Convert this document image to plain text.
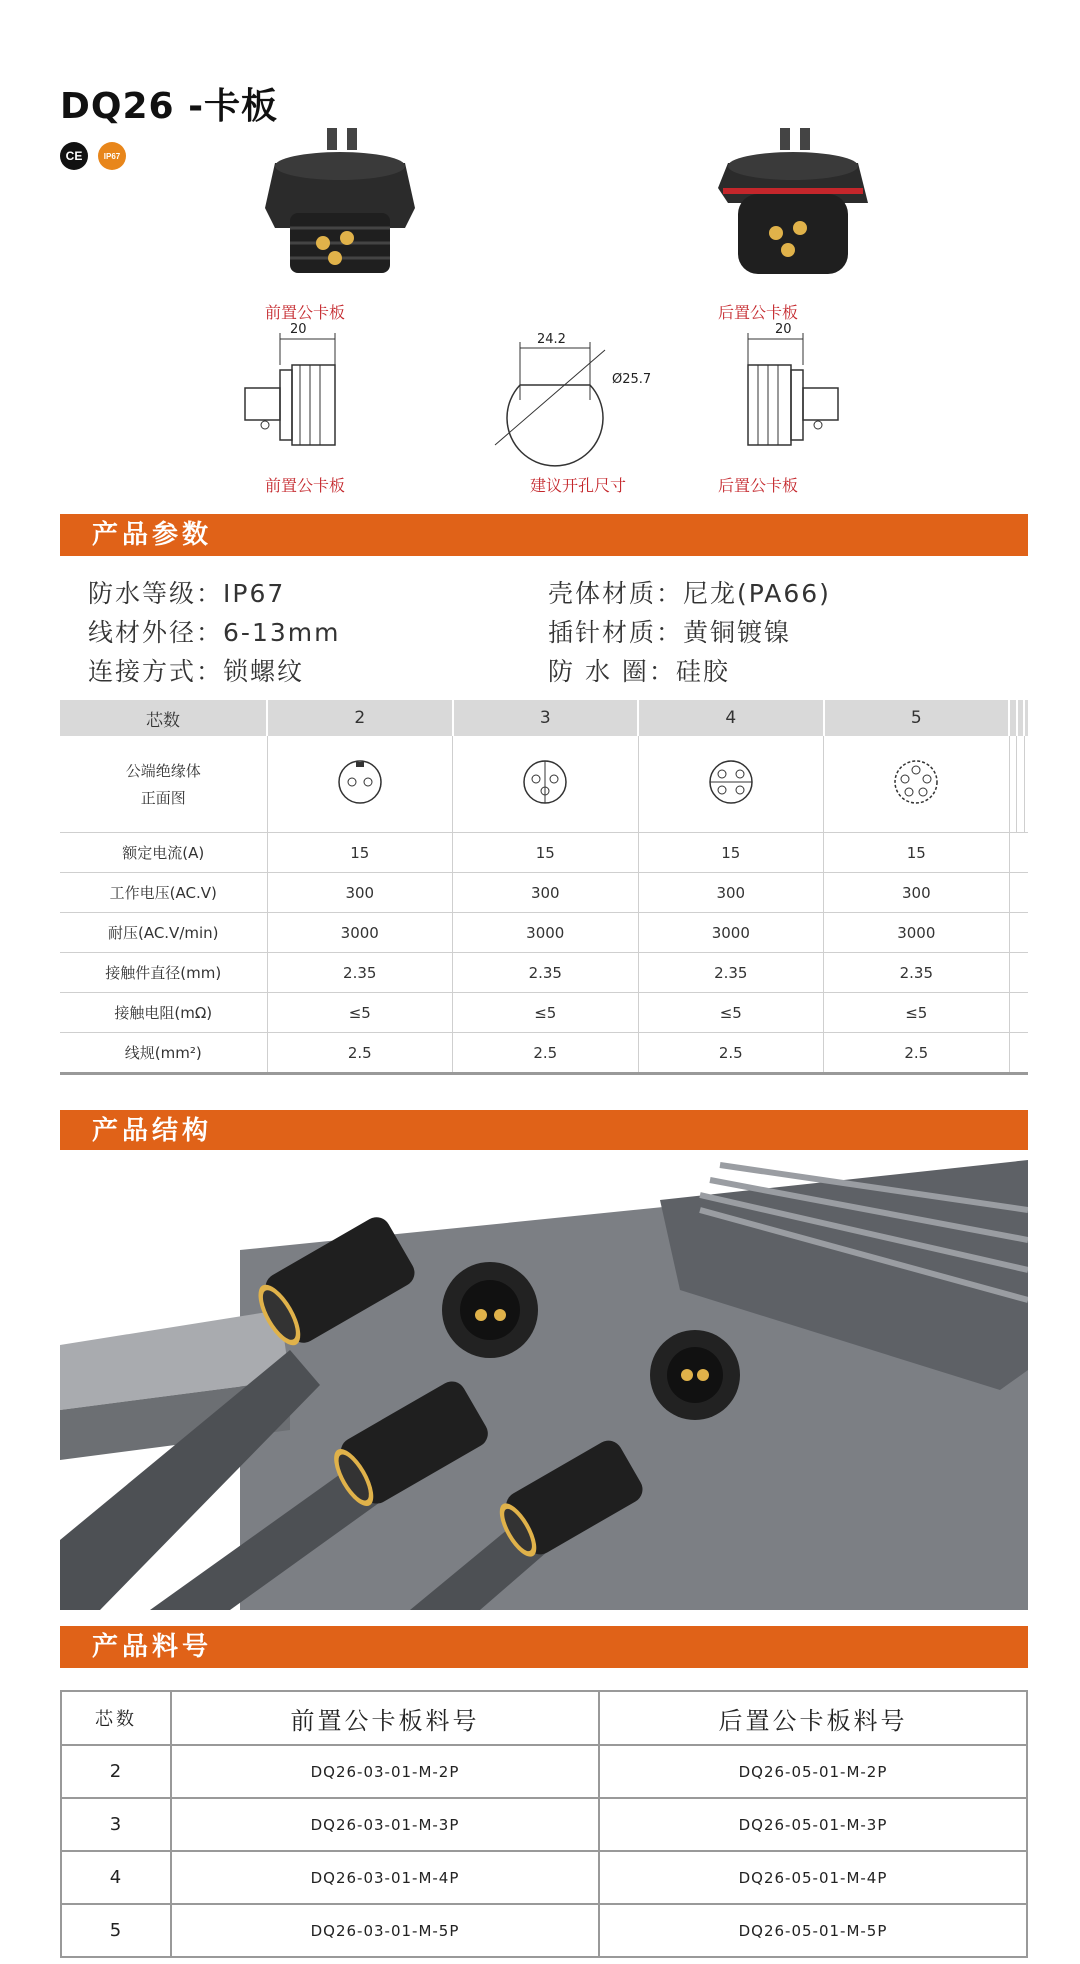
DQ26 -卡板
CE	IP67
前置公卡板	后置公卡板
20
24.2
Ø25.7
20
前置公卡板	建议开孔尺寸	后置公卡板
产品参数
防水等级：IP67	壳体材质：尼龙(PA66)
线材外径：6-13mm	插针材质：黄铜镀镍
连接方式：锁螺纹	防 水 圈：硅胶
芯数	2	3	4	5			

公端绝缘体
正面图

额定电流(A)	15	15	15	15			
工作电压(AC.V)	300	300	300	300			
耐压(AC.V/min)	3000	3000	3000	3000			
接触件直径(mm)	2.35	2.35	2.35	2.35			
接触电阻(mΩ)	≤5	≤5	≤5	≤5			
线规(mm²)	2.5	2.5	2.5	2.5			
产品结构
产品料号
芯数	前置公卡板料号	后置公卡板料号
2	DQ26-03-01-M-2P	DQ26-05-01-M-2P
3	DQ26-03-01-M-3P	DQ26-05-01-M-3P
4	DQ26-03-01-M-4P	DQ26-05-01-M-4P
5	DQ26-03-01-M-5P	DQ26-05-01-M-5P
